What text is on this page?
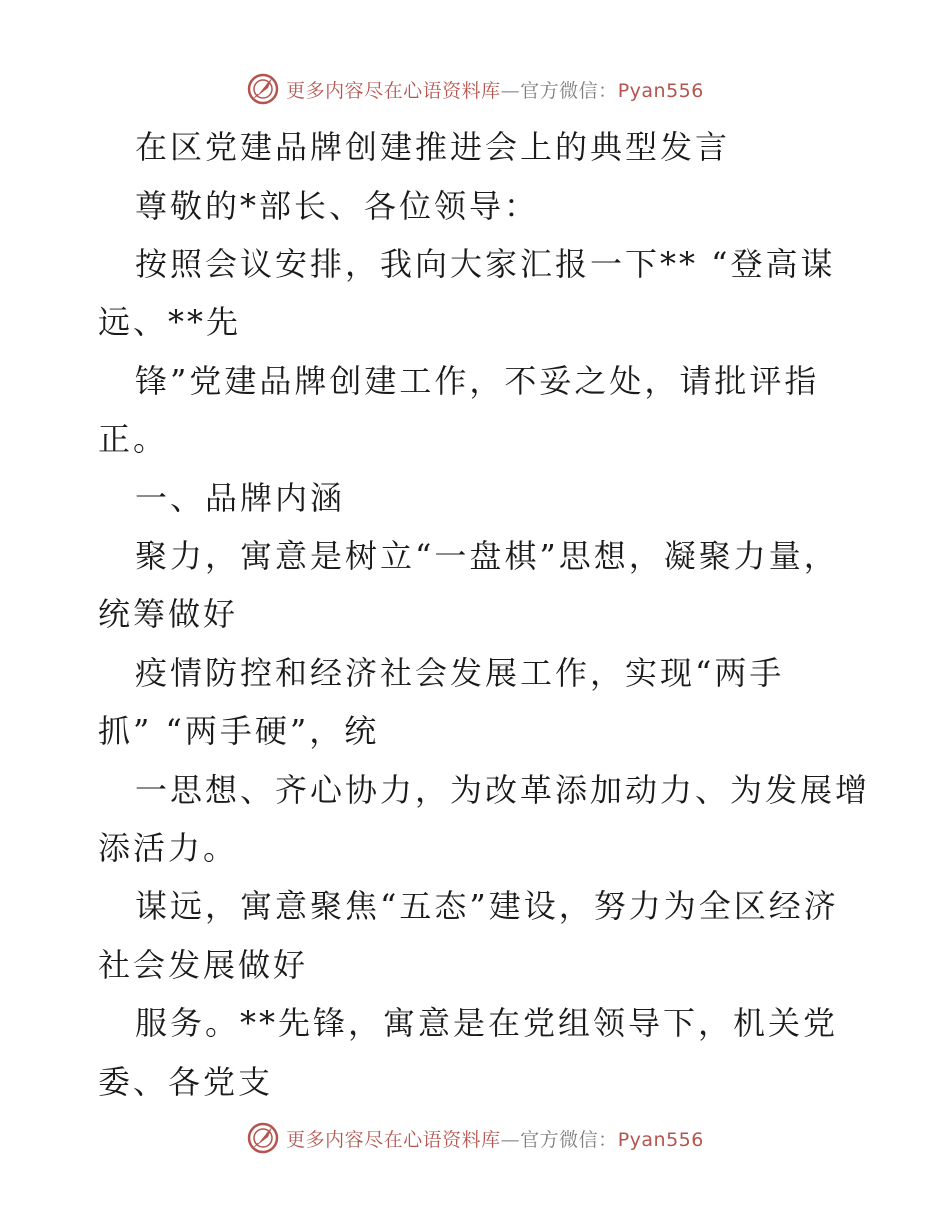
更多内容尽在心语资料库—官方微信：Pyan556
在区党建品牌创建推进会上的典型发言
尊敬的*部长、各位领导：
按照会议安排，我向大家汇报一下** “登高谋
远、**先
锋”党建品牌创建工作，不妥之处，请批评指
正。
一、品牌内涵
聚力，寓意是树立“一盘棋”思想，凝聚力量，
统筹做好
疫情防控和经济社会发展工作，实现“两手
抓” “两手硬”，统
一思想、齐心协力，为改革添加动力、为发展增
添活力。
谋远，寓意聚焦“五态”建设，努力为全区经济
社会发展做好
服务。**先锋，寓意是在党组领导下，机关党
委、各党支
更多内容尽在心语资料库—官方微信：Pyan556
